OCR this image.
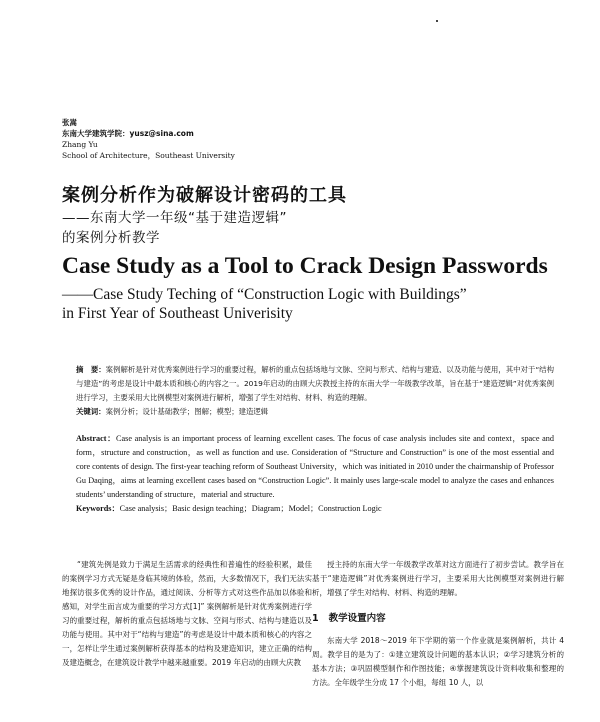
张嵩
东南大学建筑学院：yusz@sina.com
Zhang Yu
School of Architecture，Southeast University
案例分析作为破解设计密码的工具
——东南大学一年级“基于建造逻辑”
的案例分析教学
Case Study as a Tool to Crack Design Passwords
——Case Study Teching of “Construction Logic with Buildings”
in First Year of Southeast Univerisity
摘　要：案例解析是针对优秀案例进行学习的重要过程，解析的重点包括场地与文脉、空间与形式、结构与建造、以及功能与使用，其中对于“结构与建造”的考虑是设计中最本质和核心的内容之一。2019年启动的由顾大庆教授主持的东南大学一年级教学改革，旨在基于“建造逻辑”对优秀案例进行学习，主要采用大比例模型对案例进行解析，增强了学生对结构、材料、构造的理解。
关键词：案例分析；设计基础教学；图解；模型；建造逻辑
Abstract：Case analysis is an important process of learning excellent cases. The focus of case analysis includes site and context，space and form，structure and construction，as well as function and use. Consideration of “Structure and Construction” is one of the most essential and core contents of design. The first-year teaching reform of Southeast University，which was initiated in 2010 under the chairmanship of Professor Gu Daqing，aims at learning excellent cases based on “Construction Logic”. It mainly uses large-scale model to analyze the cases and enhances students’ understanding of structure，material and structure.
Keywords：Case analysis；Basic design teaching；Diagram；Model；Construction Logic

“建筑先例是致力于满足生活需求的经典性和普遍性的经验积累，最佳的案例学习方式无疑是身临其境的体验，然而，大多数情况下，我们无法实地探访很多优秀的设计作品，通过阅读、分析等方式对这些作品加以体验和感知，对学生而言成为重要的学习方式[1]” 案例解析是针对优秀案例进行学习的重要过程，解析的重点包括场地与文脉、空间与形式、结构与建造以及功能与使用。其中对于“结构与建造”的考虑是设计中最本质和核心的内容之一，怎样让学生通过案例解析获得基本的结构及建造知识，建立正确的结构及建造概念，在建筑设计教学中越来越重要。2019 年启动的由顾大庆教

授主持的东南大学一年级教学改革对这方面进行了初步尝试。教学旨在基于“建造逻辑”对优秀案例进行学习，主要采用大比例模型对案例进行解析，增强了学生对结构、材料、构造的理解。

1 教学设置内容

东南大学 2018～2019 年下学期的第一个作业就是案例解析，共计 4 周。教学目的是为了：①建立建筑设计问题的基本认识；②学习建筑分析的基本方法；③巩固模型制作和作图技能；④掌握建筑设计资料收集和整理的方法。全年级学生分成 17 个小组，每组 10 人，以
